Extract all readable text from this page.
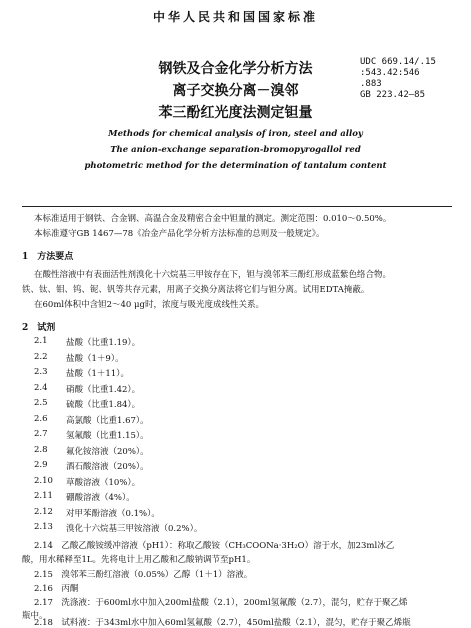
中华人民共和国国家标准
UDC 669.14/.15
:543.42:546
.883
GB 223.42—85
钢铁及合金化学分析方法
离子交换分离－溴邻
苯三酚红光度法测定钽量
Methods for chemical analysis of iron, steel and alloy
The anion-exchange separation-bromopyrogallol red
photometric method for the determination of tantalum content
本标准适用于钢铁、合金钢、高温合金及精密合金中钽量的测定。测定范围：0.010～0.50%。
本标准遵守GB 1467—78《冶金产品化学分析方法标准的总则及一般规定》。
1　方法要点
在酸性溶液中有表面活性剂溴化十六烷基三甲铵存在下，钽与溴邻苯三酚红形成蓝紫色络合物。
铁、钛、钼、钨、铌、钒等共存元素，用离子交换分离法将它们与钽分离。试用EDTA掩蔽。
在60ml体积中含钽2～40 μg时，浓度与吸光度成线性关系。
2　试剂
2.1 盐酸（比重1.19）。
2.2 盐酸（1＋9）。
2.3 盐酸（1＋11）。
2.4 硝酸（比重1.42）。
2.5 硫酸（比重1.84）。
2.6 高氯酸（比重1.67）。
2.7 氢氟酸（比重1.15）。
2.8 氟化铵溶液（20%）。
2.9 酒石酸溶液（20%）。
2.10 草酸溶液（10%）。
2.11 硼酸溶液（4%）。
2.12 对甲苯酚溶液（0.1%）。
2.13 溴化十六烷基三甲铵溶液（0.2%）。
2.14　乙酸乙酸铵缓冲溶液（pH1）：称取乙酸铵（CH₃COONa·3H₂O）溶于水，加23ml冰乙
酸，用水稀释至1L。先将电计上用乙酸和乙酸钠调节至pH1。
2.15　溴邻苯三酚红溶液（0.05%）乙醇（1＋1）溶液。
2.16　丙酮
2.17　洗涤液：于600ml水中加入200ml盐酸（2.1），200ml氢氟酸（2.7），混匀，贮存于聚乙烯
瓶中。
2.18　试料液：于343ml水中加入60ml氢氟酸（2.7），450ml盐酸（2.1），混匀，贮存于聚乙烯瓶
